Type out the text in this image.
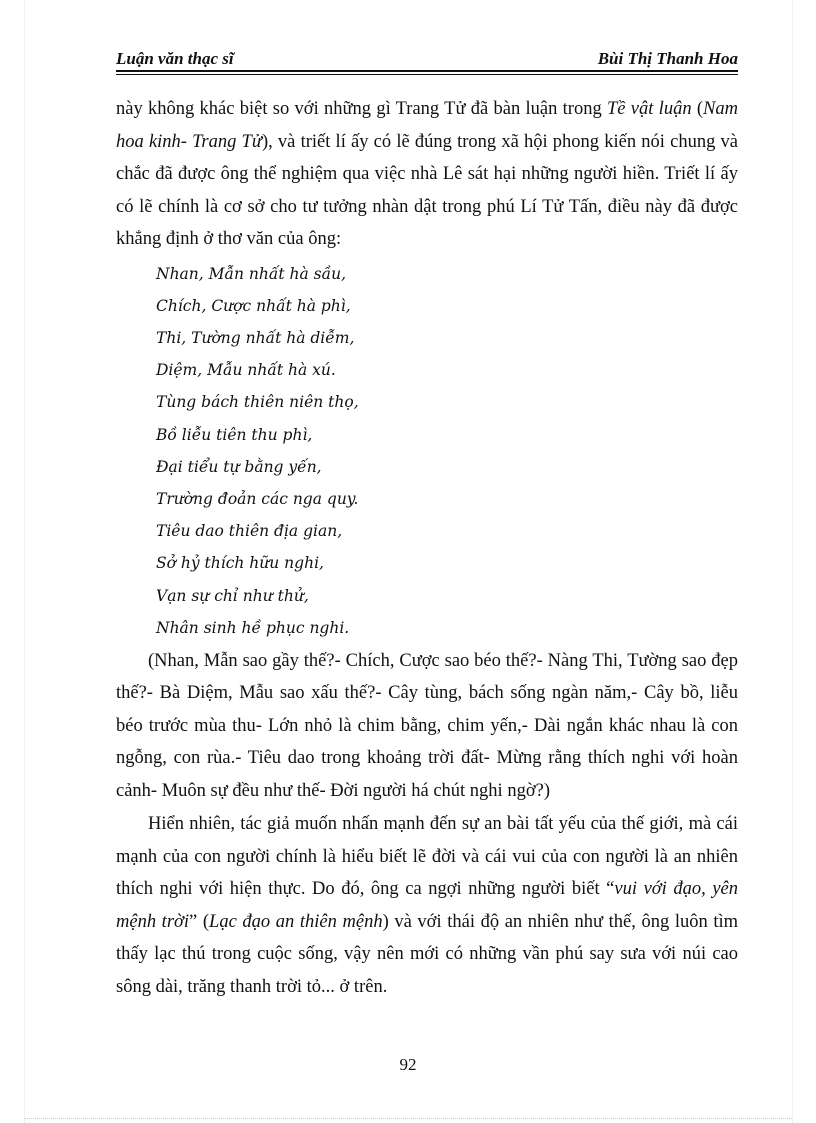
Luận văn thạc sĩ	Bùi Thị Thanh Hoa

này không khác biệt so với những gì Trang Tử đã bàn luận trong Tề vật luận (Nam hoa kinh- Trang Tử), và triết lí ấy có lẽ đúng trong xã hội phong kiến nói chung và chắc đã được ông thể nghiệm qua việc nhà Lê sát hại những người hiền. Triết lí ấy có lẽ chính là cơ sở cho tư tưởng nhàn dật trong phú Lí Tử Tấn, điều này đã được khẳng định ở thơ văn của ông:

Nhan, Mẫn nhất hà sầu,
Chích, Cược nhất hà phì,
Thi, Tường nhất hà diễm,
Diệm, Mẫu nhất hà xú.
Tùng bách thiên niên thọ,
Bồ liễu tiên thu phì,
Đại tiểu tự bằng yến,
Trường đoản các nga quy.
Tiêu dao thiên địa gian,
Sở hỷ thích hữu nghi,
Vạn sự chỉ như thử,
Nhân sinh hề phục nghi.

(Nhan, Mẫn sao gầy thế?- Chích, Cược sao béo thế?- Nàng Thi, Tường sao đẹp thế?- Bà Diệm, Mẫu sao xấu thế?- Cây tùng, bách sống ngàn năm,- Cây bồ, liễu béo trước mùa thu- Lớn nhỏ là chim bằng, chim yến,- Dài ngắn khác nhau là con ngỗng, con rùa.- Tiêu dao trong khoảng trời đất- Mừng rằng thích nghi với hoàn cảnh- Muôn sự đều như thế- Đời người há chút nghi ngờ?)

Hiển nhiên, tác giả muốn nhấn mạnh đến sự an bài tất yếu của thế giới, mà cái mạnh của con người chính là hiểu biết lẽ đời và cái vui của con người là an nhiên thích nghi với hiện thực. Do đó, ông ca ngợi những người biết “vui với đạo, yên mệnh trời” (Lạc đạo an thiên mệnh) và với thái độ an nhiên như thế, ông luôn tìm thấy lạc thú trong cuộc sống, vậy nên mới có những vần phú say sưa với núi cao sông dài, trăng thanh trời tỏ... ở trên.

92
